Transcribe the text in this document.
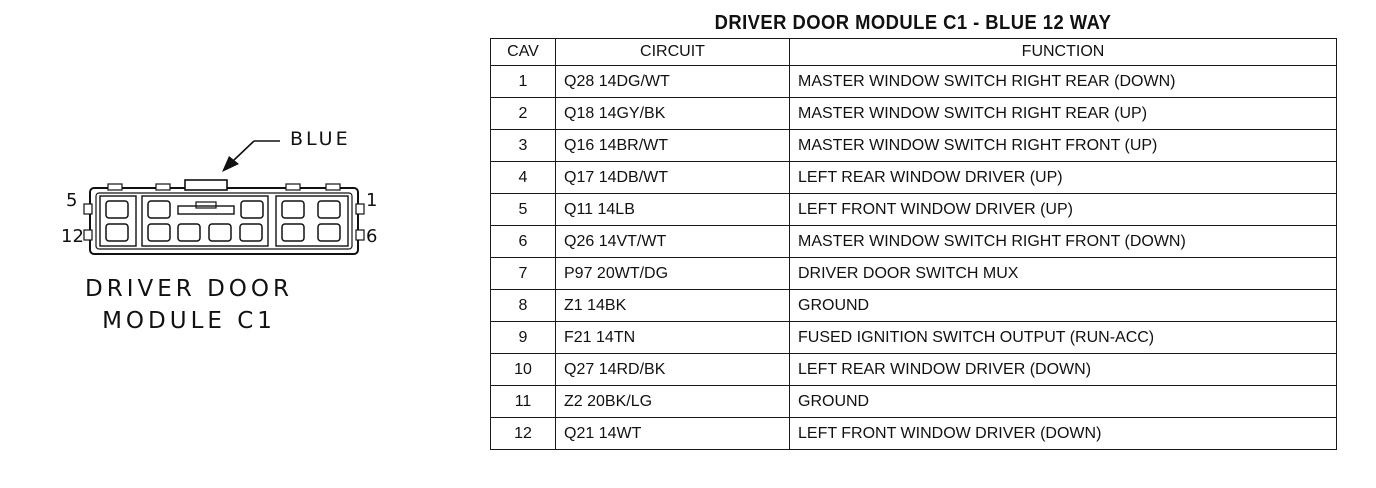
BLUE
5
12
1
6
DRIVER DOOR
MODULE C1
DRIVER DOOR MODULE C1 - BLUE 12 WAY
CAV	CIRCUIT	FUNCTION
1	Q28 14DG/WT	MASTER WINDOW SWITCH RIGHT REAR (DOWN)
2	Q18 14GY/BK	MASTER WINDOW SWITCH RIGHT REAR (UP)
3	Q16 14BR/WT	MASTER WINDOW SWITCH RIGHT FRONT (UP)
4	Q17 14DB/WT	LEFT REAR WINDOW DRIVER (UP)
5	Q11 14LB	LEFT FRONT WINDOW DRIVER (UP)
6	Q26 14VT/WT	MASTER WINDOW SWITCH RIGHT FRONT (DOWN)
7	P97 20WT/DG	DRIVER DOOR SWITCH MUX
8	Z1 14BK	GROUND
9	F21 14TN	FUSED IGNITION SWITCH OUTPUT (RUN-ACC)
10	Q27 14RD/BK	LEFT REAR WINDOW DRIVER (DOWN)
11	Z2 20BK/LG	GROUND
12	Q21 14WT	LEFT FRONT WINDOW DRIVER (DOWN)
